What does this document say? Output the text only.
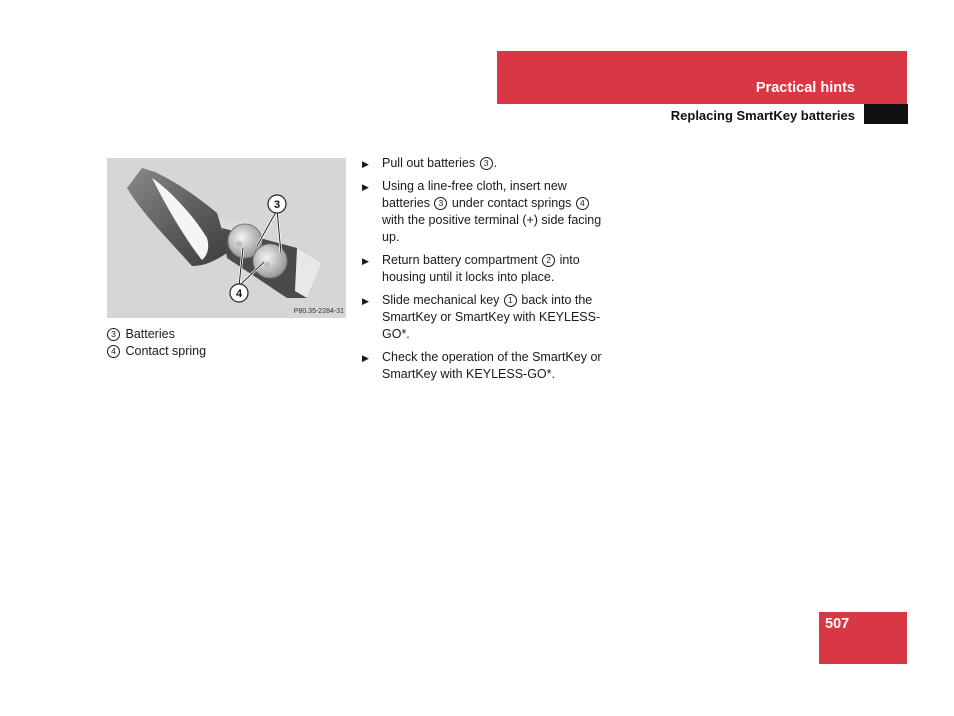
Practical hints
Replacing SmartKey batteries
3
4
P80.35-2284-31
3 Batteries
4 Contact spring
▶ Pull out batteries 3 .
▶ Using a line-free cloth, insert new batteries 3 under contact springs 4 with the positive terminal (+) side facing up.
▶ Return battery compartment 2 into housing until it locks into place.
▶ Slide mechanical key 1 back into the SmartKey or SmartKey with KEYLESS-GO*.
▶ Check the operation of the SmartKey or SmartKey with KEYLESS-GO*.
507
